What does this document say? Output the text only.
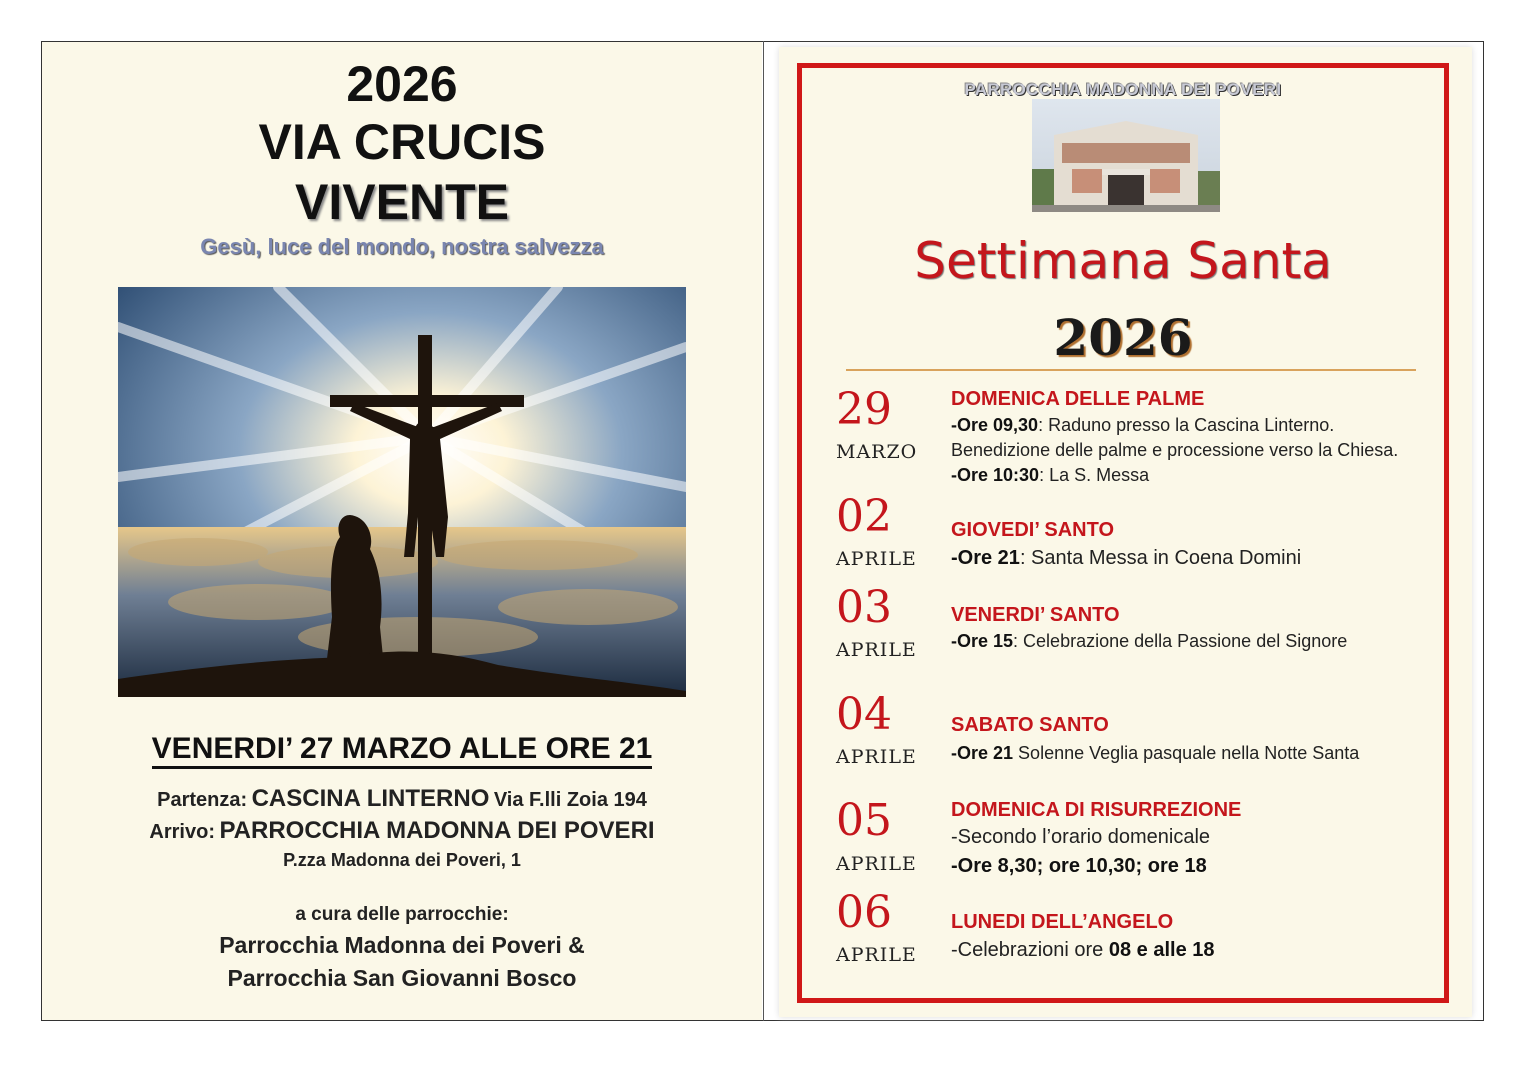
2026
VIA CRUCIS
VIVENTE
Gesù, luce del mondo, nostra salvezza
VENERDI’ 27 MARZO ALLE ORE 21
Partenza: CASCINA LINTERNO Via F.lli Zoia 194
Arrivo: PARROCCHIA MADONNA DEI POVERI
P.zza Madonna dei Poveri, 1
a cura delle parrocchie:
Parrocchia Madonna dei Poveri &
Parrocchia San Giovanni Bosco
PARROCCHIA MADONNA DEI POVERI
Settimana Santa
2026
29
MARZO
DOMENICA DELLE PALME
-Ore 09,30: Raduno presso la Cascina Linterno.
Benedizione delle palme e processione verso la Chiesa.
-Ore 10:30: La S. Messa
02
APRILE
GIOVEDI’ SANTO
-Ore 21: Santa Messa in Coena Domini
03
APRILE
VENERDI’ SANTO
-Ore 15: Celebrazione della Passione del Signore
04
APRILE
SABATO SANTO
-Ore 21 Solenne Veglia pasquale nella Notte Santa
05
APRILE
DOMENICA DI RISURREZIONE
-Secondo l’orario domenicale
-Ore 8,30; ore 10,30; ore 18
06
APRILE
LUNEDI DELL’ANGELO
-Celebrazioni ore 08 e alle 18
